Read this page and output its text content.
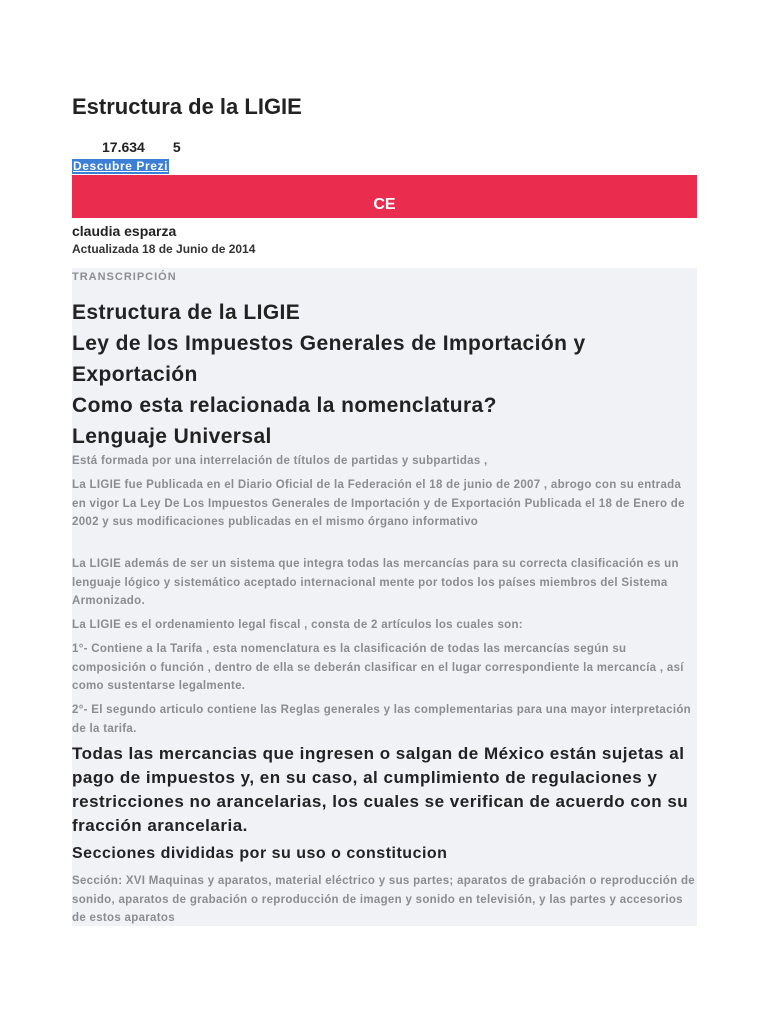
Estructura de la LIGIE
17.634 5
Descubre Prezi
CE
claudia esparza
Actualizada 18 de Junio de 2014
TRANSCRIPCIÓN
Estructura de la LIGIE
Ley de los Impuestos Generales de Importación y Exportación
Como esta relacionada la nomenclatura?
Lenguaje Universal

Está formada por una interrelación de títulos de partidas y subpartidas ,

La LIGIE fue Publicada en el Diario Oficial de la Federación el 18 de junio de 2007 , abrogo con su entrada en vigor La Ley De Los Impuestos Generales de Importación y de Exportación Publicada el 18 de Enero de 2002 y sus modificaciones publicadas en el mismo órgano informativo

La LIGIE además de ser un sistema que integra todas las mercancías para su correcta clasificación es un lenguaje lógico y sistemático aceptado internacional mente por todos los países miembros del Sistema Armonizado.

La LIGIE es el ordenamiento legal fiscal , consta de 2 artículos los cuales son:

1°- Contiene a la Tarifa , esta nomenclatura es la clasificación de todas las mercancías según su composición o función , dentro de ella se deberán clasificar en el lugar correspondiente la mercancía , así como sustentarse legalmente.

2°- El segundo articulo contiene las Reglas generales y las complementarias para una mayor interpretación de la tarifa.

Todas las mercancias que ingresen o salgan de México están sujetas al pago de impuestos y, en su caso, al cumplimiento de regulaciones y restricciones no arancelarias, los cuales se verifican de acuerdo con su fracción arancelaria.

Secciones divididas por su uso o constitucion

Sección: XVI Maquinas y aparatos, material eléctrico y sus partes; aparatos de grabación o reproducción de sonido, aparatos de grabación o reproducción de imagen y sonido en televisión, y las partes y accesorios de estos aparatos
